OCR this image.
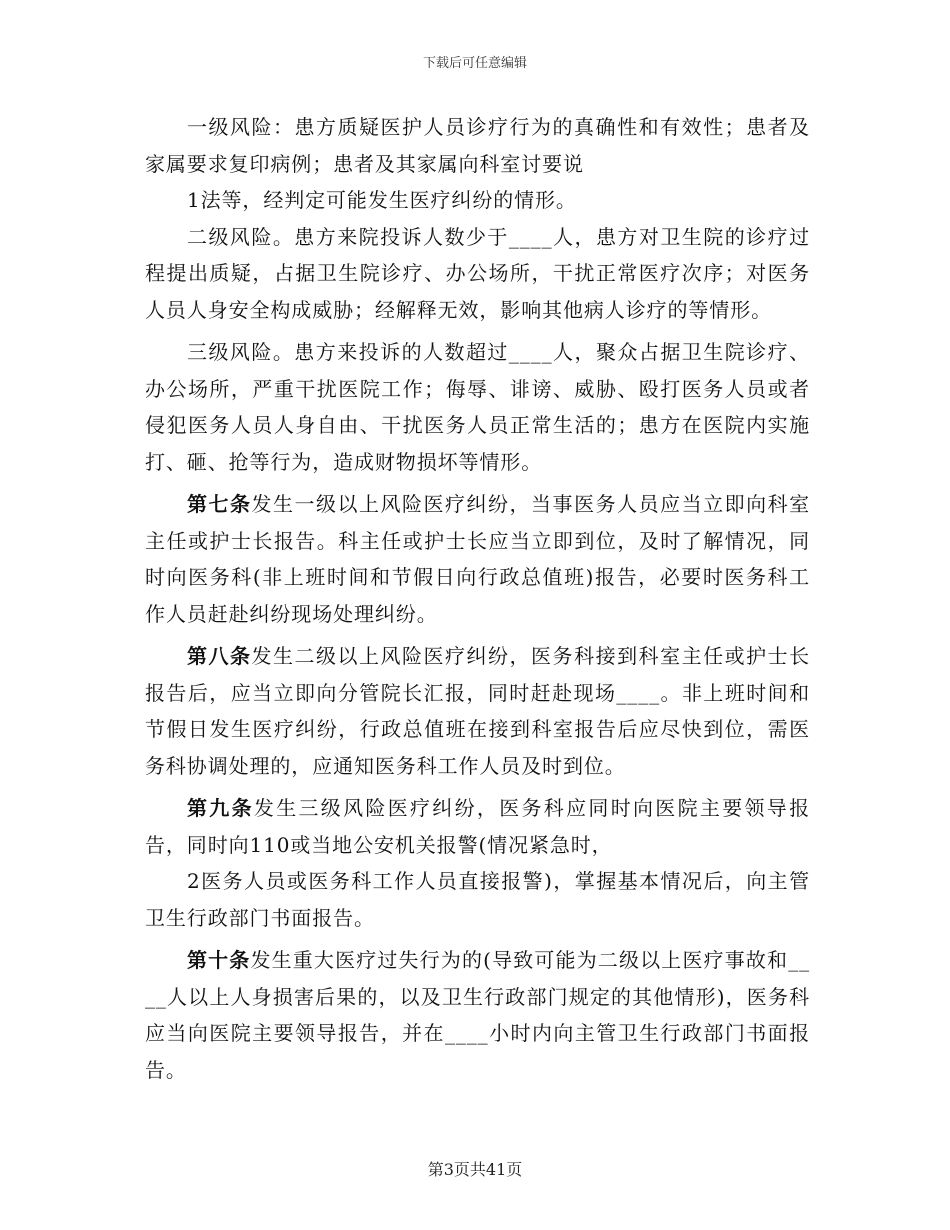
下载后可任意编辑

一级风险：患方质疑医护人员诊疗行为的真确性和有效性；患者及家属要求复印病例；患者及其家属向科室讨要说

1法等，经判定可能发生医疗纠纷的情形。

二级风险。患方来院投诉人数少于____人，患方对卫生院的诊疗过程提出质疑，占据卫生院诊疗、办公场所，干扰正常医疗次序；对医务人员人身安全构成威胁；经解释无效，影响其他病人诊疗的等情形。

三级风险。患方来投诉的人数超过____人，聚众占据卫生院诊疗、办公场所，严重干扰医院工作；侮辱、诽谤、威胁、殴打医务人员或者侵犯医务人员人身自由、干扰医务人员正常生活的；患方在医院内实施打、砸、抢等行为，造成财物损坏等情形。

第七条发生一级以上风险医疗纠纷，当事医务人员应当立即向科室主任或护士长报告。科主任或护士长应当立即到位，及时了解情况，同时向医务科(非上班时间和节假日向行政总值班)报告，必要时医务科工作人员赶赴纠纷现场处理纠纷。

第八条发生二级以上风险医疗纠纷，医务科接到科室主任或护士长报告后，应当立即向分管院长汇报，同时赶赴现场____。非上班时间和节假日发生医疗纠纷，行政总值班在接到科室报告后应尽快到位，需医务科协调处理的，应通知医务科工作人员及时到位。

第九条发生三级风险医疗纠纷，医务科应同时向医院主要领导报告，同时向110或当地公安机关报警(情况紧急时，

2医务人员或医务科工作人员直接报警)，掌握基本情况后，向主管卫生行政部门书面报告。

第十条发生重大医疗过失行为的(导致可能为二级以上医疗事故和____人以上人身损害后果的，以及卫生行政部门规定的其他情形)，医务科应当向医院主要领导报告，并在____小时内向主管卫生行政部门书面报告。

第3页共41页
